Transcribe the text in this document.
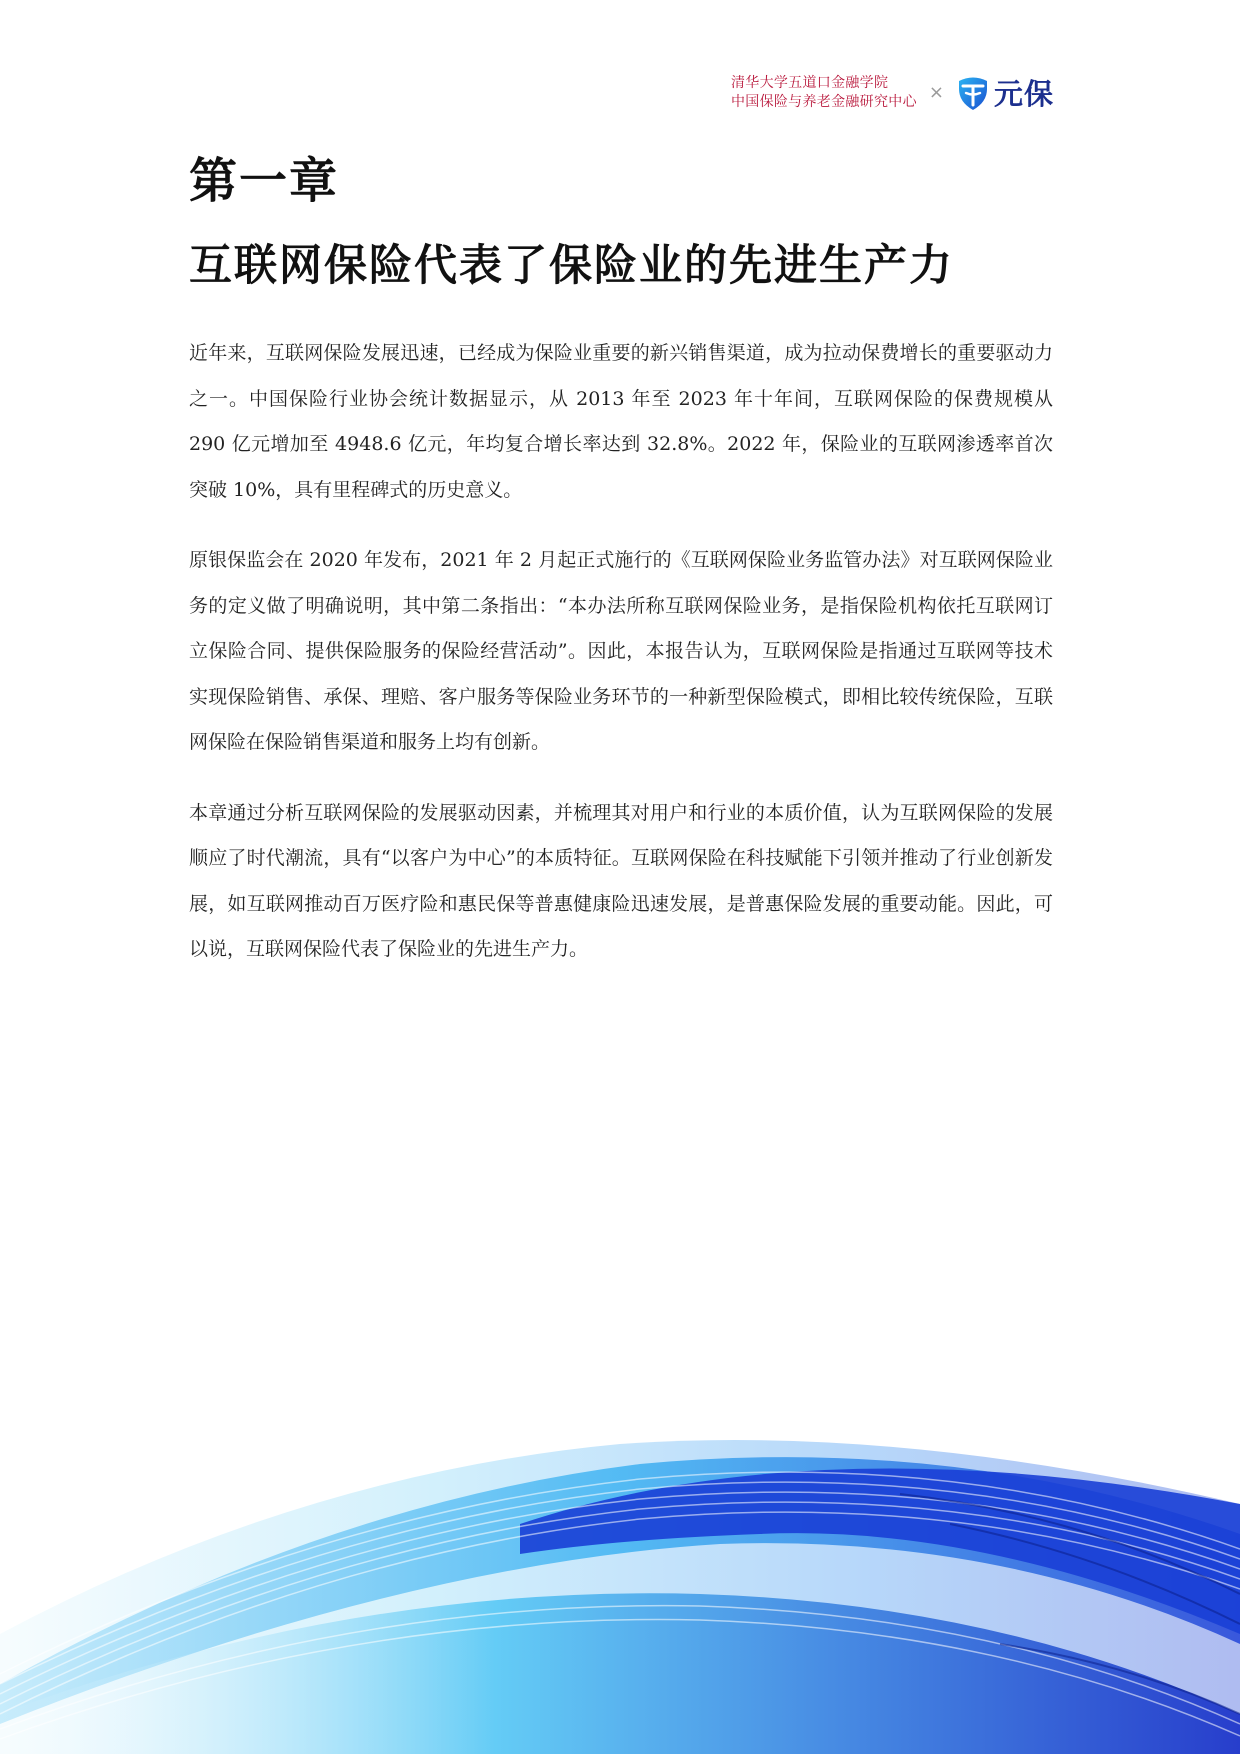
清华大学五道口金融学院
中国保险与养老金融研究中心 × 元保
第一章
互联网保险代表了保险业的先进生产力

近年来，互联网保险发展迅速，已经成为保险业重要的新兴销售渠道，成为拉动保费增长的重要驱动力之一。中国保险行业协会统计数据显示，从 2013 年至 2023 年十年间，互联网保险的保费规模从 290 亿元增加至 4948.6 亿元，年均复合增长率达到 32.8%。2022 年，保险业的互联网渗透率首次突破 10%，具有里程碑式的历史意义。

原银保监会在 2020 年发布，2021 年 2 月起正式施行的《互联网保险业务监管办法》对互联网保险业务的定义做了明确说明，其中第二条指出：“本办法所称互联网保险业务，是指保险机构依托互联网订立保险合同、提供保险服务的保险经营活动”。因此，本报告认为，互联网保险是指通过互联网等技术实现保险销售、承保、理赔、客户服务等保险业务环节的一种新型保险模式，即相比较传统保险，互联网保险在保险销售渠道和服务上均有创新。

本章通过分析互联网保险的发展驱动因素，并梳理其对用户和行业的本质价值，认为互联网保险的发展顺应了时代潮流，具有“以客户为中心”的本质特征。互联网保险在科技赋能下引领并推动了行业创新发展，如互联网推动百万医疗险和惠民保等普惠健康险迅速发展，是普惠保险发展的重要动能。因此，可以说，互联网保险代表了保险业的先进生产力。
